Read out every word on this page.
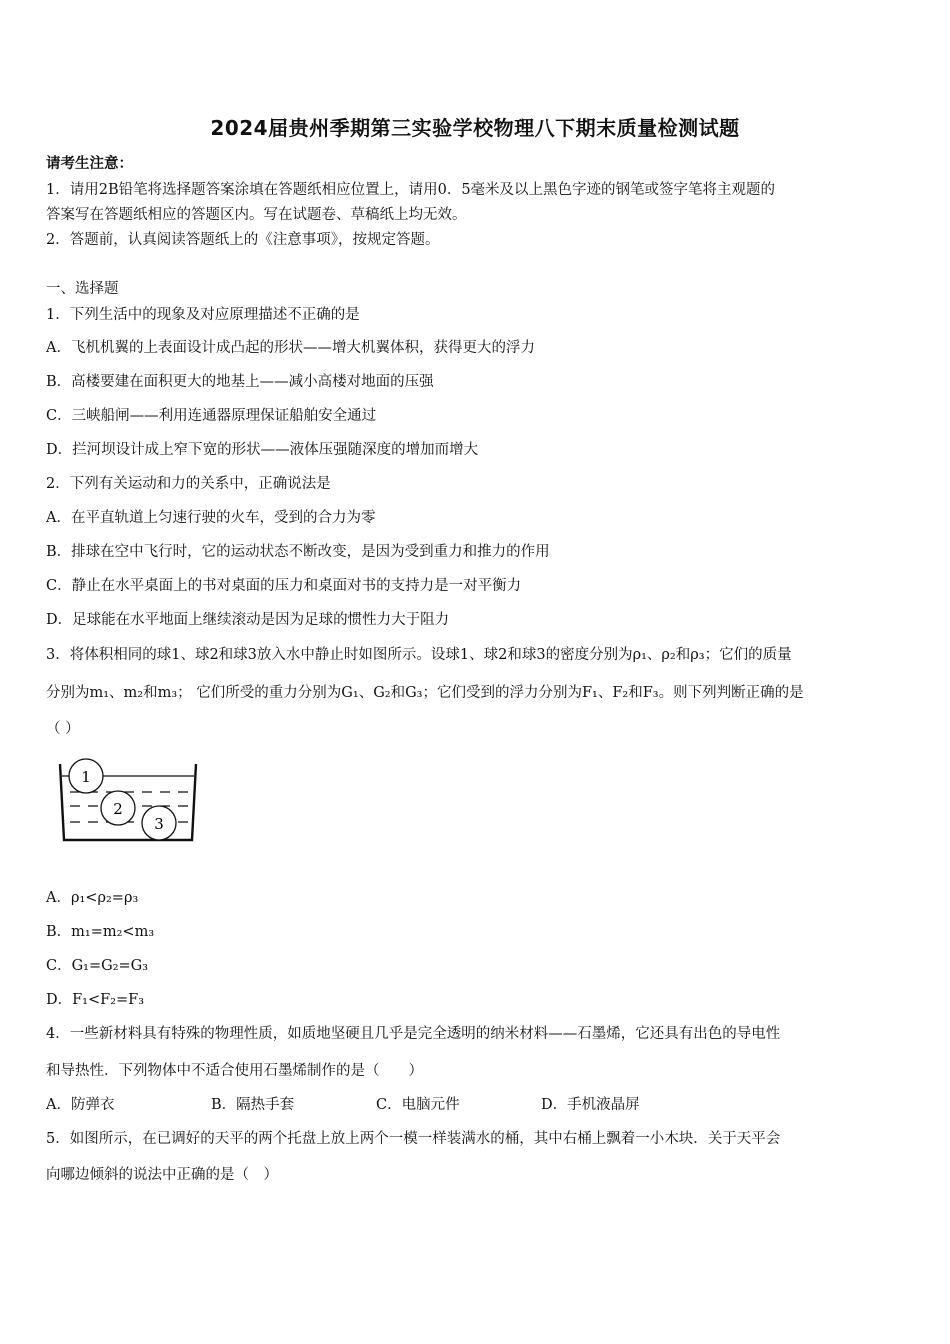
2024届贵州季期第三实验学校物理八下期末质量检测试题
请考生注意：
1．请用2B铅笔将选择题答案涂填在答题纸相应位置上，请用0．5毫米及以上黑色字迹的钢笔或签字笔将主观题的
答案写在答题纸相应的答题区内。写在试题卷、草稿纸上均无效。
2．答题前，认真阅读答题纸上的《注意事项》，按规定答题。
一、选择题
1．下列生活中的现象及对应原理描述不正确的是
A．飞机机翼的上表面设计成凸起的形状——增大机翼体积，获得更大的浮力
B．高楼要建在面积更大的地基上——减小高楼对地面的压强
C．三峡船闸——利用连通器原理保证船舶安全通过
D．拦河坝设计成上窄下宽的形状——液体压强随深度的增加而增大
2．下列有关运动和力的关系中，正确说法是
A．在平直轨道上匀速行驶的火车，受到的合力为零
B．排球在空中飞行时，它的运动状态不断改变，是因为受到重力和推力的作用
C．静止在水平桌面上的书对桌面的压力和桌面对书的支持力是一对平衡力
D．足球能在水平地面上继续滚动是因为足球的惯性力大于阻力
3．将体积相同的球1、球2和球3放入水中静止时如图所示。设球1、球2和球3的密度分别为ρ₁、ρ₂和ρ₃；它们的质量
分别为m₁、m₂和m₃； 它们所受的重力分别为G₁、G₂和G₃；它们受到的浮力分别为F₁、F₂和F₃。则下列判断正确的是
（ ）
1
2
3
A．ρ₁<ρ₂=ρ₃
B．m₁=m₂<m₃
C．G₁=G₂=G₃
D．F₁<F₂=F₃
4．一些新材料具有特殊的物理性质，如质地坚硬且几乎是完全透明的纳米材料——石墨烯，它还具有出色的导电性
和导热性．下列物体中不适合使用石墨烯制作的是（　　）
A．防弹衣	B．隔热手套	C．电脑元件	D．手机液晶屏
5．如图所示，在已调好的天平的两个托盘上放上两个一模一样装满水的桶，其中右桶上飘着一小木块．关于天平会
向哪边倾斜的说法中正确的是（　）
